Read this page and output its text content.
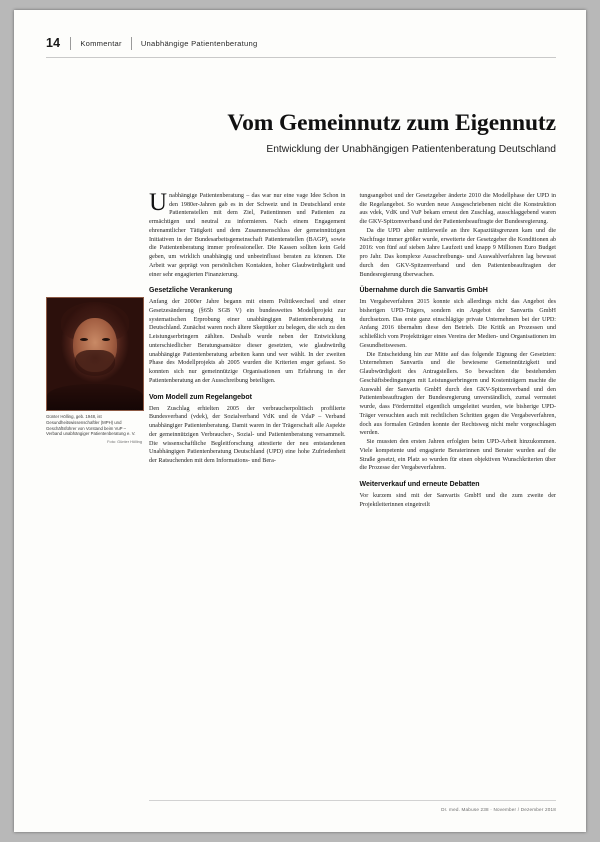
14	Kommentar	Unabhängige Patientenberatung
Vom Gemeinnutz zum Eigennutz
Entwicklung der Unabhängigen Patientenberatung Deutschland
Günter Hölling, geb. 1948, ist Gesundheitswissenschaftler (MPH) und Geschäftsführer von Vorstand beim VuP – Verband unabhängiger Patientenberatung e. V.
Foto: Günter Hölling

Unabhängige Patientenberatung – das war nur eine vage Idee Schon in den 1980er-Jahren gab es in der Schweiz und in Deutschland erste Patientenstellen mit dem Ziel, Patientinnen und Patienten zu ermächtigen und neutral zu informieren. Nach einem Engagement ehrenamtlicher Tätigkeit und dem Zusammenschluss der gemeinnützigen Initiativen in der Bundesarbeitsgemeinschaft Patientenstellen (BAGP), sowie die Patientenberatung immer professioneller. Die Kassen sollten kein Geld geben, um wirklich unabhängig und unbeeinflusst beraten zu können. Die Arbeit war geprägt von persönlichen Kontakten, hoher Glaubwürdigkeit und einer sehr engagierten Finanzierung.

Gesetzliche Verankerung

Anfang der 2000er Jahre begann mit einem Politikwechsel und einer Gesetzesänderung (§65b SGB V) ein bundesweites Modellprojekt zur systematischen Erprobung einer unabhängigen Patientenberatung in Deutschland. Zunächst waren noch ältere Skeptiker zu belegen, die sich zu den Leistungserbringern zählten. Deshalb wurde neben der Entwicklung unterschiedlicher Beratungsansätze dieser gesetzten, wie glaubwürdig unabhängige Patientenberatung arbeiten kann und wer wählt. In der zweiten Phase des Modellprojekts ab 2005 wurden die Kriterien enger gefasst. So konnten sich nur gemeinnützige Organisationen um Erfahrung in der Patientenberatung an der Ausschreibung beteiligen.

Vom Modell zum Regelangebot

Den Zuschlag erhielten 2005 der verbraucherpolitisch profilierte Bundesverband (vdek), der Sozialverband VdK und de VdaP – Verband unabhängiger Patientenberatung. Damit waren in der Trägerschaft alle Aspekte der gemeinnützigen Verbraucher-, Sozial- und Patientenberatung versammelt. Die wissenschaftliche Begleitforschung attestierte der neu entstandenen Unabhängigen Patientenberatung Deutschland (UPD) eine hohe Zufriedenheit der Ratsuchenden mit dem Informations- und Bera-

tungsangebot und der Gesetzgeber änderte 2010 die Modellphase der UPD in die Regelangebot. So wurden neue Ausgeschriebenen nicht die Konstruktion aus vdek, VdK und VuP bekam erneut den Zuschlag, ausschlaggebend waren die GKV-Spitzenverband und der Patientenbeauftragte der Bundesregierung.

Da die UPD aber mittlerweile an ihre Kapazitätsgrenzen kam und die Nachfrage immer größer wurde, erweiterte der Gesetzgeber die Konditionen ab 2016: von fünf auf sieben Jahre Laufzeit und knapp 9 Millionen Euro Budget pro Jahr. Das komplexe Ausschreibungs- und Auswahlverfahren lag bewusst durch den GKV-Spitzenverband und den Patientenbeauftragten der Bundesregierung überwachen.

Übernahme durch die Sanvartis GmbH

Im Vergabeverfahren 2015 konnte sich allerdings nicht das Angebot des bisherigen UPD-Trägers, sondern ein Angebot der Sanvartis GmbH durchsetzen. Das erste ganz einschlägige private Unternehmen bei der UPD: Anfang 2016 übernahm diese den Betrieb. Die Kritik an Prozessen und schließlich vom Projektträger eines Vereins der Medien- und Organisationen im Gesundheitswesen.

Die Entscheidung hin zur Mitte auf das folgende Eignung der Gesetzten: Unternehmen Sanvartis und die bewiesene Gemeinnützigkeit und Glaubwürdigkeit des Antragstellers. So bewachten die bestehenden Geschäftsbedingungen mit Leistungserbringern und Kostenträgern machte die Auswahl der Sanvartis GmbH durch den GKV-Spitzenverband und den Patientenbeauftragten der Bundesregierung unverständlich, zumal vermutet wurde, dass Fördermittel eigentlich umgeleitet wurden, wie bisherige UPD-Träger versuchten auch mit rechtlichen Schritten gegen die Vergabeverfahren, doch aus formalen Gründen konnte der Rechtsweg nicht mehr vorgeschlagen werden.

Sie mussten den ersten Jahren erfolgten beim UPD-Arbeit hinzukommen. Viele kompetente und engagierte Beraterinnen und Berater wurden auf die Straße gesetzt, ein Platz so wurden für einen objektiven Wunschkriterien über die Prozesse der Vergabeverfahren.

Weiterverkauf und erneute Debatten

Vor kurzem sind mit der Sanvartis GmbH und die zum zweite der Projektleiterinnen eingetreilt

Dr. med. Mabuse 238 · November / Dezember 2018
